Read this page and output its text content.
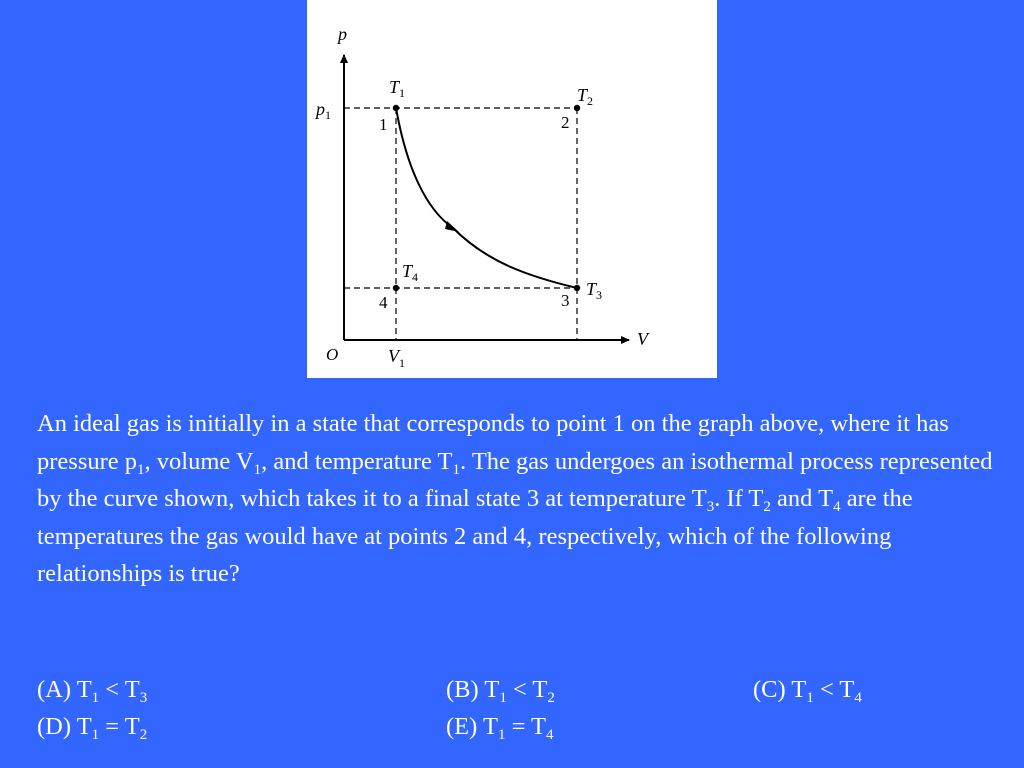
p
V
O
$p_1$
$V_1$
1	2
3
4
$T_1$	$T_2$
$T_3$
$T_4$

An ideal gas is initially in a state that corresponds to point 1 on the graph above, where it has pressure $p_1$, volume $V_1$, and temperature $T_1$. The gas undergoes an isothermal process represented by the curve shown, which takes it to a final state 3 at temperature $T_3$. If $T_2$ and $T_4$ are the temperatures the gas would have at points 2 and 4, respectively, which of the following relationships is true?

(A) $T_1 < T_3$	(B) $T_1 < T_2$	(C) $T_1 < T_4$
(D) $T_1 = T_2$	(E) $T_1 = T_4$
